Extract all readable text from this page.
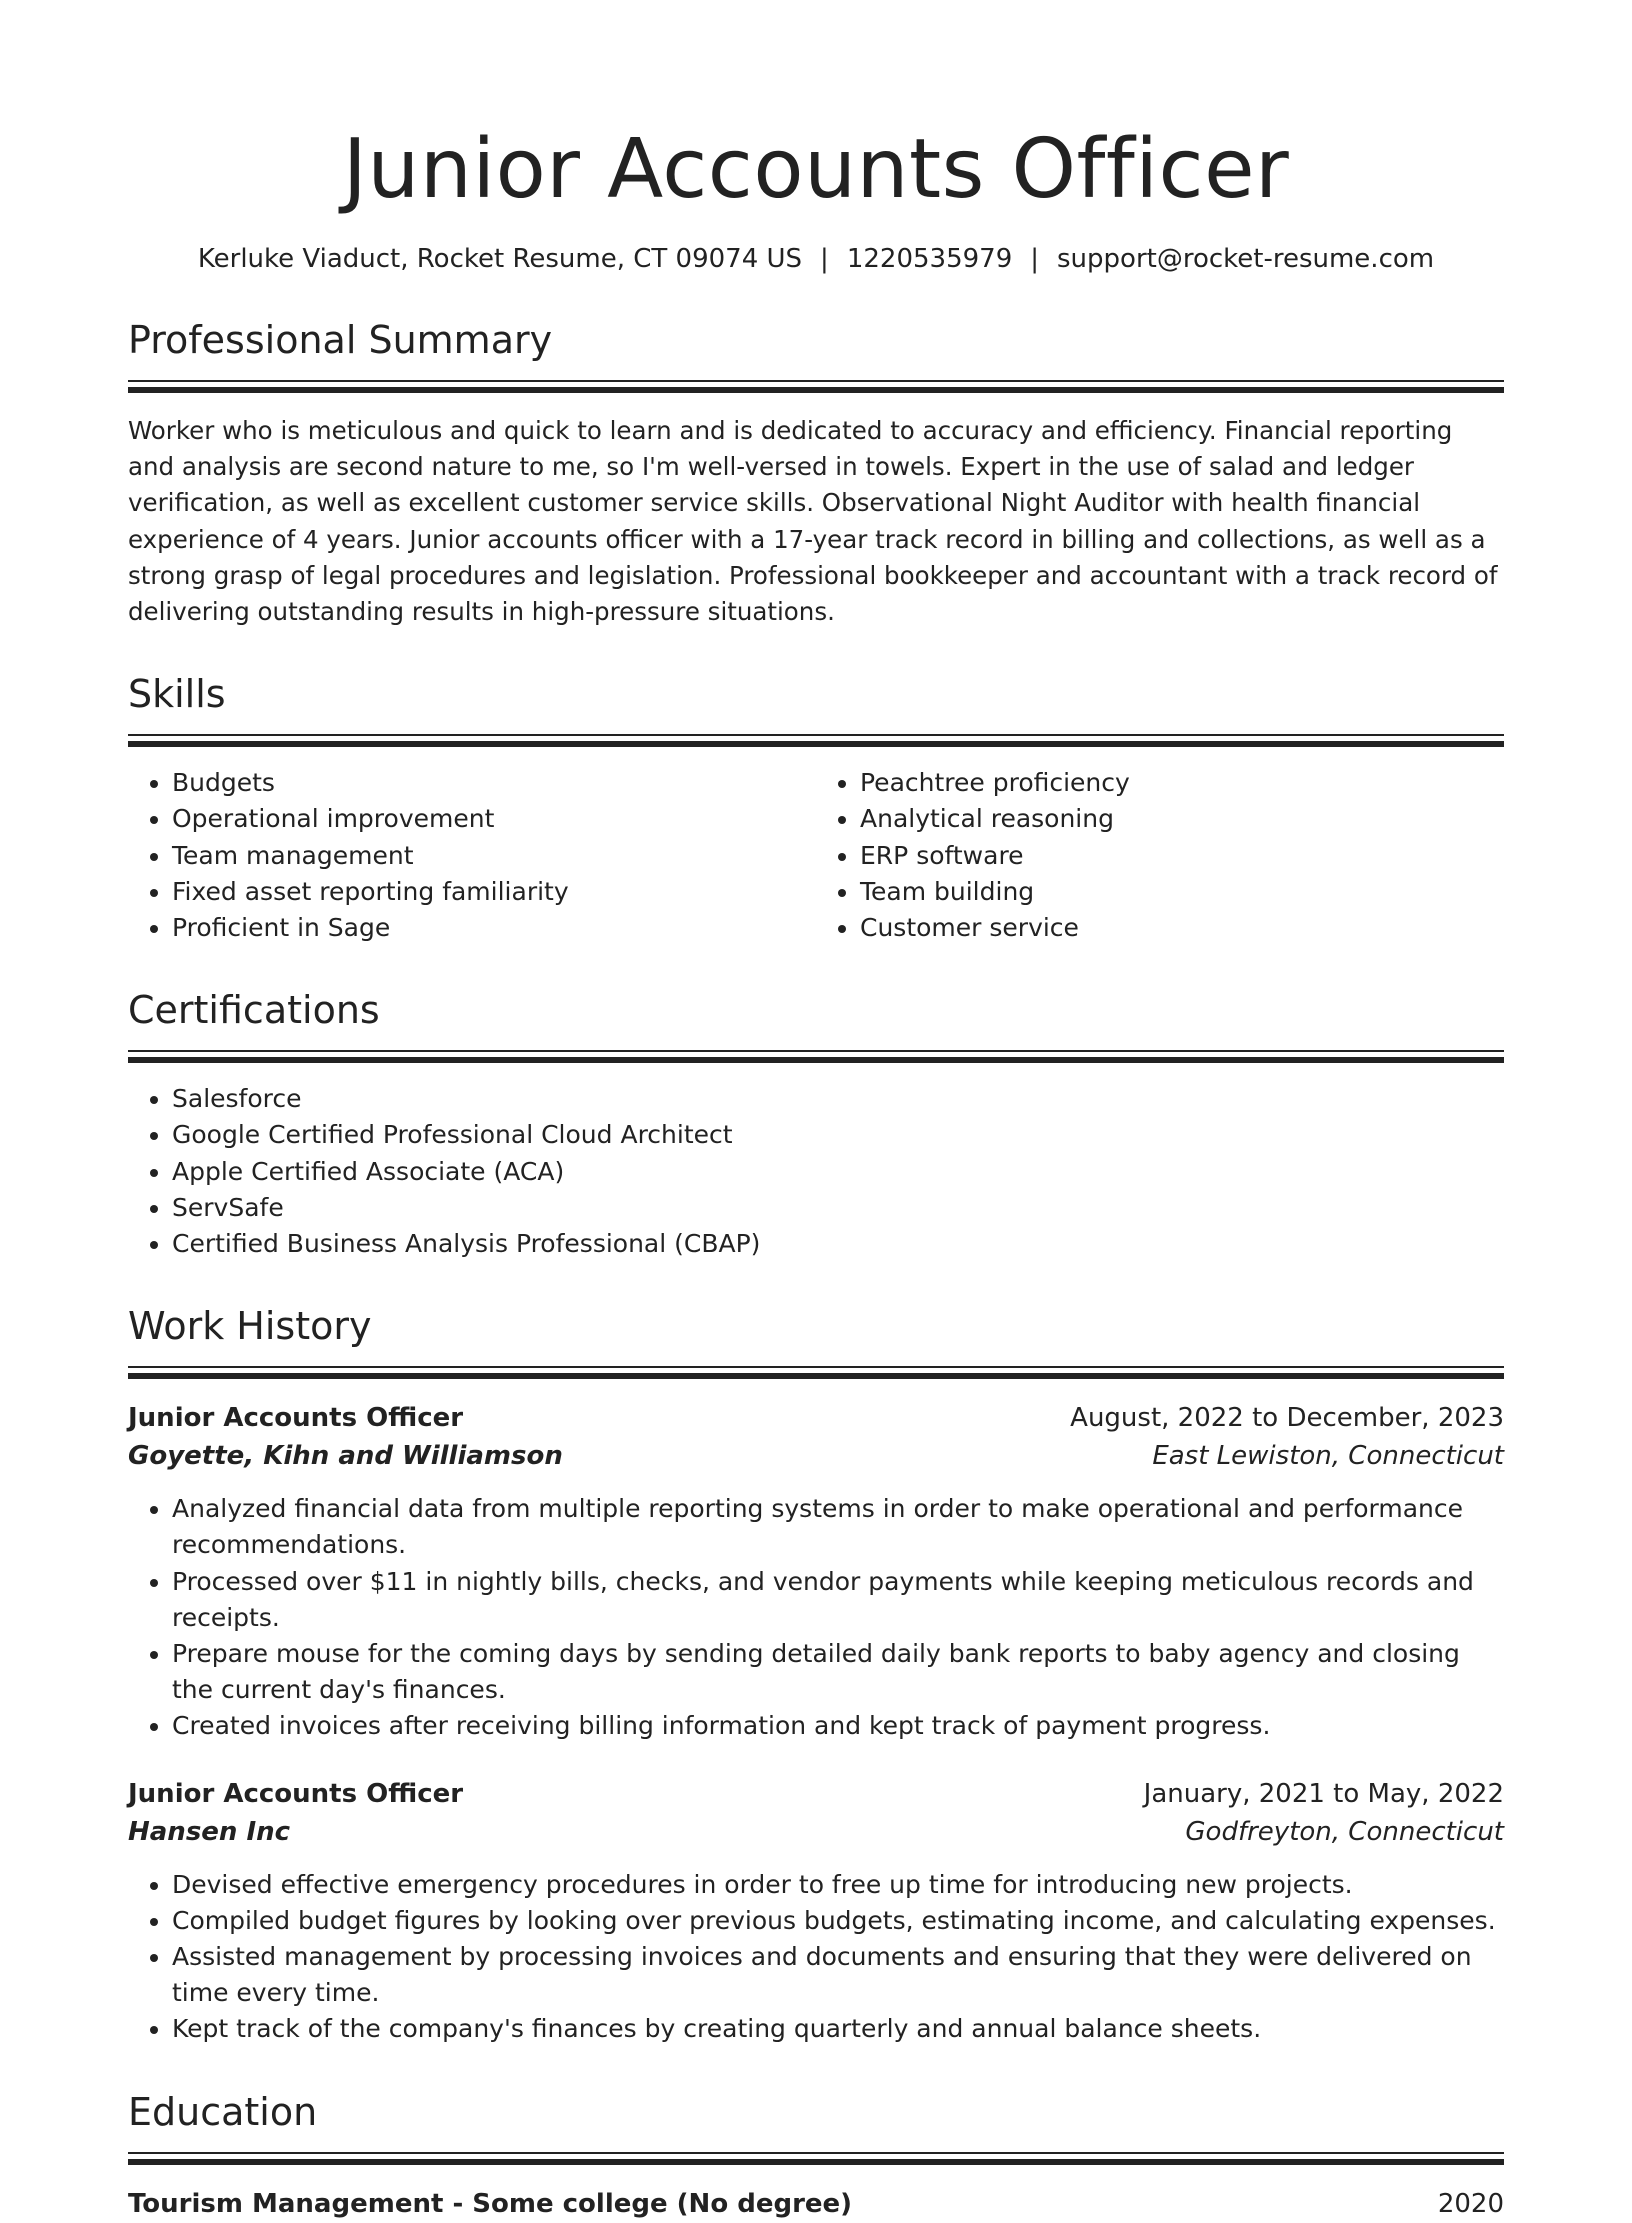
Junior Accounts Officer
Kerluke Viaduct, Rocket Resume, CT 09074 US | 1220535979 | support@rocket-resume.com
Professional Summary

Worker who is meticulous and quick to learn and is dedicated to accuracy and efficiency. Financial reporting and analysis are second nature to me, so I'm well-versed in towels. Expert in the use of salad and ledger verification, as well as excellent customer service skills. Observational Night Auditor with health financial experience of 4 years. Junior accounts officer with a 17-year track record in billing and collections, as well as a strong grasp of legal procedures and legislation. Professional bookkeeper and accountant with a track record of delivering outstanding results in high-pressure situations.

Skills
• Budgets
• Operational improvement
• Team management
• Fixed asset reporting familiarity
• Proficient in Sage
• Peachtree proficiency
• Analytical reasoning
• ERP software
• Team building
• Customer service
Certifications
• Salesforce
• Google Certified Professional Cloud Architect
• Apple Certified Associate (ACA)
• ServSafe
• Certified Business Analysis Professional (CBAP)
Work History
Junior Accounts Officer	August, 2022 to December, 2023
Goyette, Kihn and Williamson	East Lewiston, Connecticut
• Analyzed financial data from multiple reporting systems in order to make operational and performance recommendations.
• Processed over $11 in nightly bills, checks, and vendor payments while keeping meticulous records and receipts.
• Prepare mouse for the coming days by sending detailed daily bank reports to baby agency and closing the current day's finances.
• Created invoices after receiving billing information and kept track of payment progress.
Junior Accounts Officer	January, 2021 to May, 2022
Hansen Inc	Godfreyton, Connecticut
• Devised effective emergency procedures in order to free up time for introducing new projects.
• Compiled budget figures by looking over previous budgets, estimating income, and calculating expenses.
• Assisted management by processing invoices and documents and ensuring that they were delivered on time every time.
• Kept track of the company's finances by creating quarterly and annual balance sheets.
Education
Tourism Management - Some college (No degree)	2020
